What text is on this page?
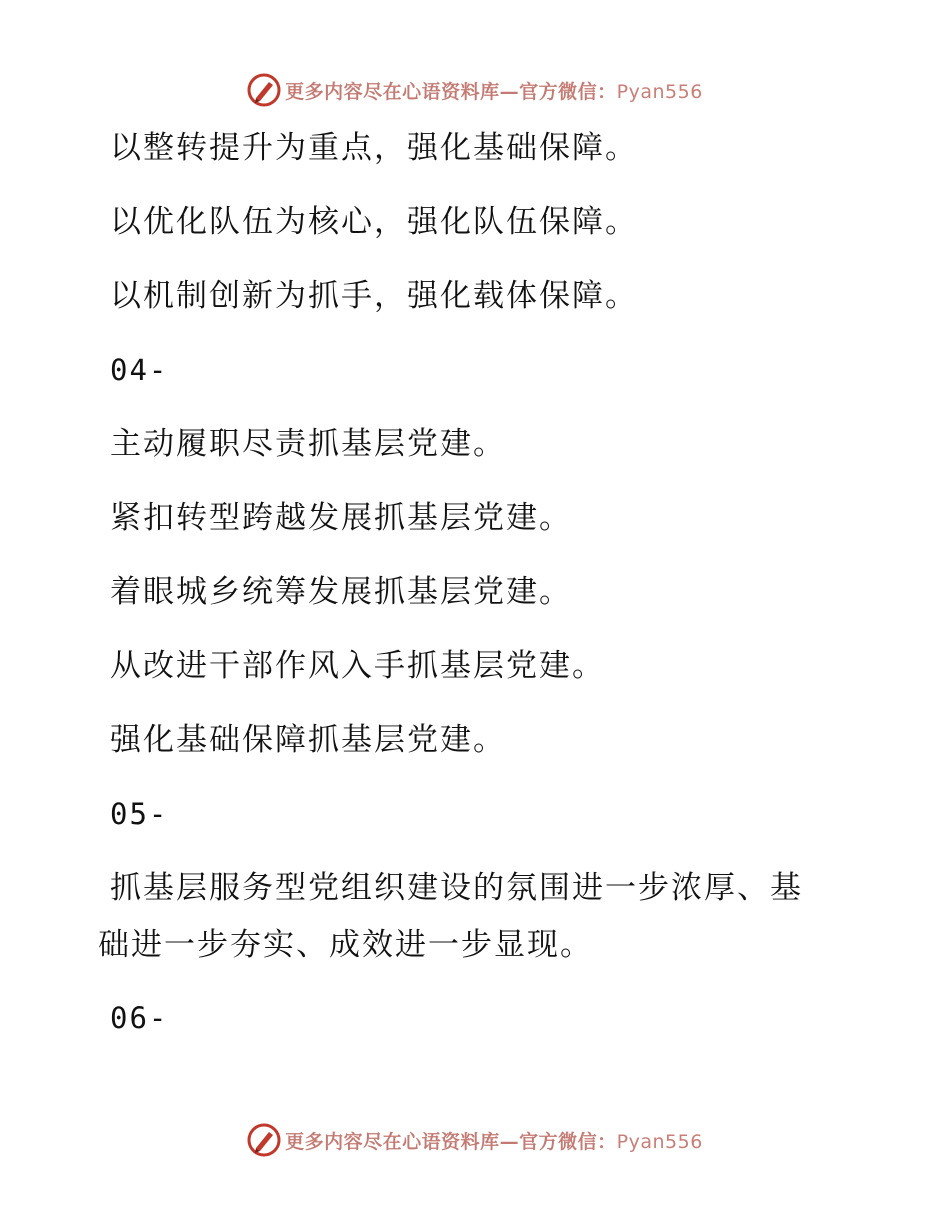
更多内容尽在心语资料库—官方微信：Pyan556
以整转提升为重点，强化基础保障。
以优化队伍为核心，强化队伍保障。
以机制创新为抓手，强化载体保障。
04-
主动履职尽责抓基层党建。
紧扣转型跨越发展抓基层党建。
着眼城乡统筹发展抓基层党建。
从改进干部作风入手抓基层党建。
强化基础保障抓基层党建。
05-
抓基层服务型党组织建设的氛围进一步浓厚、基
础进一步夯实、成效进一步显现。
06-
更多内容尽在心语资料库—官方微信：Pyan556
